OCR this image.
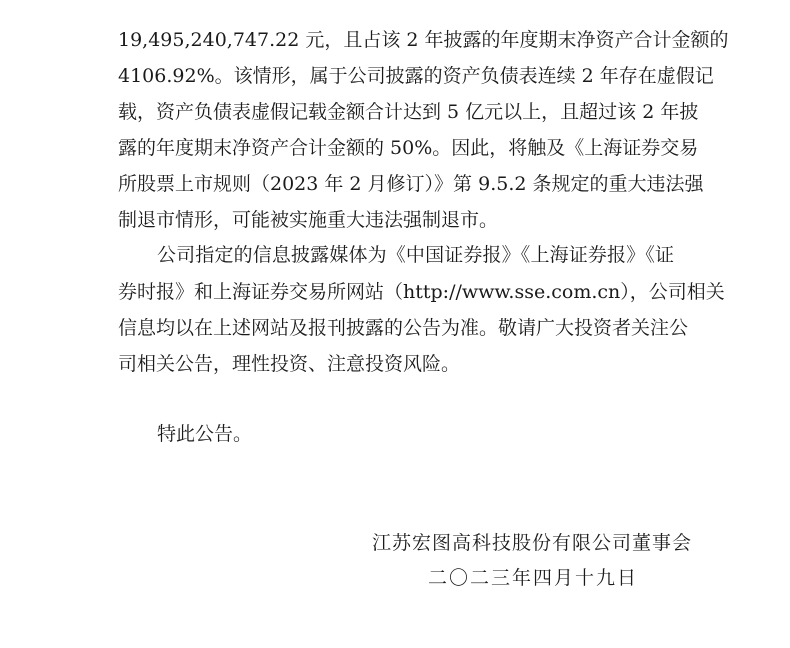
19,495,240,747.22 元，且占该 2 年披露的年度期末净资产合计金额的
4106.92%。该情形，属于公司披露的资产负债表连续 2 年存在虚假记
载，资产负债表虚假记载金额合计达到 5 亿元以上，且超过该 2 年披
露的年度期末净资产合计金额的 50%。因此，将触及《上海证券交易
所股票上市规则（2023 年 2 月修订）》第 9.5.2 条规定的重大违法强
制退市情形，可能被实施重大违法强制退市。
公司指定的信息披露媒体为《中国证券报》《上海证券报》《证
券时报》和上海证券交易所网站（http://www.sse.com.cn），公司相关
信息均以在上述网站及报刊披露的公告为准。敬请广大投资者关注公
司相关公告，理性投资、注意投资风险。
特此公告。
江苏宏图高科技股份有限公司董事会
二〇二三年四月十九日
